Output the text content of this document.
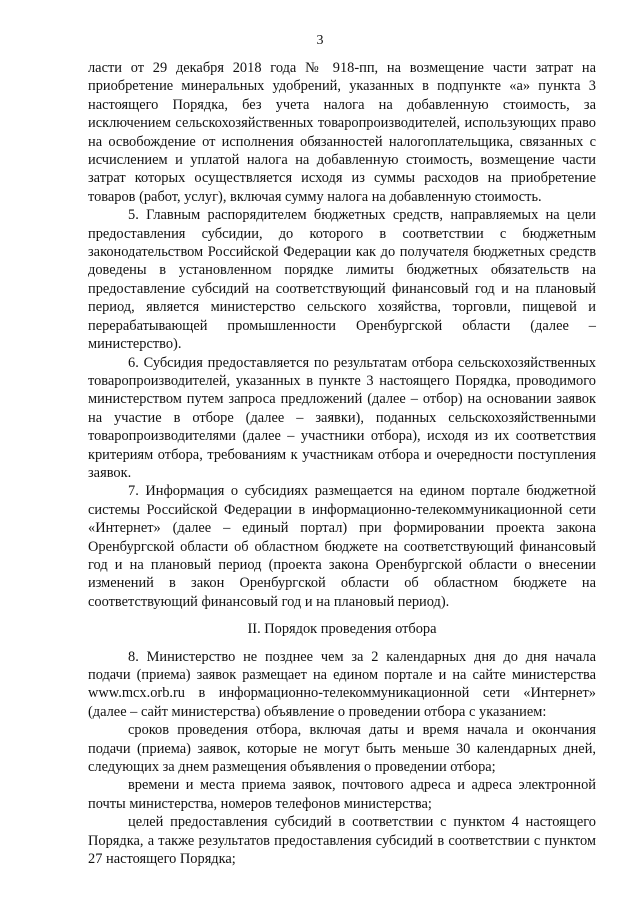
3

ласти от 29 декабря 2018 года № 918-пп, на возмещение части затрат на приобретение минеральных удобрений, указанных в подпункте «а» пункта 3 настоящего Порядка, без учета налога на добавленную стоимость, за исключением сельскохозяйственных товаропроизводителей, использующих право на освобождение от исполнения обязанностей налогоплательщика, связанных с исчислением и уплатой налога на добавленную стоимость, возмещение части затрат которых осуществляется исходя из суммы расходов на приобретение товаров (работ, услуг), включая сумму налога на добавленную стоимость.

5. Главным распорядителем бюджетных средств, направляемых на цели предоставления субсидии, до которого в соответствии с бюджетным законодательством Российской Федерации как до получателя бюджетных средств доведены в установленном порядке лимиты бюджетных обязательств на предоставление субсидий на соответствующий финансовый год и на плановый период, является министерство сельского хозяйства, торговли, пищевой и перерабатывающей промышленности Оренбургской области (далее – министерство).

6. Субсидия предоставляется по результатам отбора сельскохозяйственных товаропроизводителей, указанных в пункте 3 настоящего Порядка, проводимого министерством путем запроса предложений (далее – отбор) на основании заявок на участие в отборе (далее – заявки), поданных сельскохозяйственными товаропроизводителями (далее – участники отбора), исходя из их соответствия критериям отбора, требованиям к участникам отбора и очередности поступления заявок.

7. Информация о субсидиях размещается на едином портале бюджетной системы Российской Федерации в информационно-телекоммуникационной сети «Интернет» (далее – единый портал) при формировании проекта закона Оренбургской области об областном бюджете на соответствующий финансовый год и на плановый период (проекта закона Оренбургской области о внесении изменений в закон Оренбургской области об областном бюджете на соответствующий финансовый год и на плановый период).

II. Порядок проведения отбора

8. Министерство не позднее чем за 2 календарных дня до дня начала подачи (приема) заявок размещает на едином портале и на сайте министерства www.mcx.orb.ru в информационно-телекоммуникационной сети «Интернет» (далее – сайт министерства) объявление о проведении отбора с указанием:

сроков проведения отбора, включая даты и время начала и окончания подачи (приема) заявок, которые не могут быть меньше 30 календарных дней, следующих за днем размещения объявления о проведении отбора;

времени и места приема заявок, почтового адреса и адреса электронной почты министерства, номеров телефонов министерства;

целей предоставления субсидий в соответствии с пунктом 4 настоящего Порядка, а также результатов предоставления субсидий в соответствии с пунктом 27 настоящего Порядка;
